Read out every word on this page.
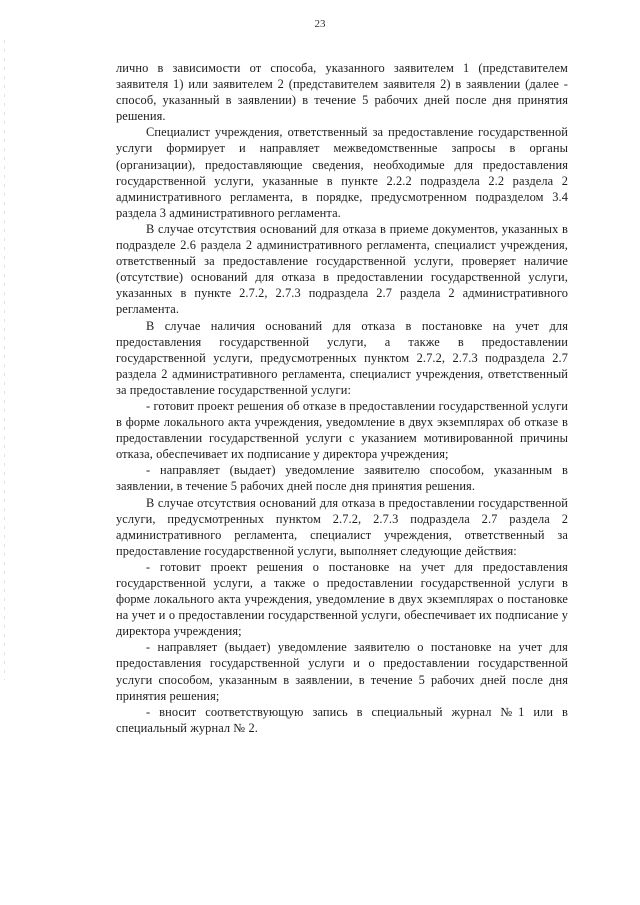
23

лично в зависимости от способа, указанного заявителем 1 (представителем заявителя 1) или заявителем 2 (представителем заявителя 2) в заявлении (далее - способ, указанный в заявлении) в течение 5 рабочих дней после дня принятия решения.

Специалист учреждения, ответственный за предоставление государственной услуги формирует и направляет межведомственные запросы в органы (организации), предоставляющие сведения, необходимые для предоставления государственной услуги, указанные в пункте 2.2.2 подраздела 2.2 раздела 2 административного регламента, в порядке, предусмотренном подразделом 3.4 раздела 3 административного регламента.

В случае отсутствия оснований для отказа в приеме документов, указанных в подразделе 2.6 раздела 2 административного регламента, специалист учреждения, ответственный за предоставление государственной услуги, проверяет наличие (отсутствие) оснований для отказа в предоставлении государственной услуги, указанных в пункте 2.7.2, 2.7.3 подраздела 2.7 раздела 2 административного регламента.

В случае наличия оснований для отказа в постановке на учет для предоставления государственной услуги, а также в предоставлении государственной услуги, предусмотренных пунктом 2.7.2, 2.7.3 подраздела 2.7 раздела 2 административного регламента, специалист учреждения, ответственный за предоставление государственной услуги:

- готовит проект решения об отказе в предоставлении государственной услуги в форме локального акта учреждения, уведомление в двух экземплярах об отказе в предоставлении государственной услуги с указанием мотивированной причины отказа, обеспечивает их подписание у директора учреждения;

- направляет (выдает) уведомление заявителю способом, указанным в заявлении, в течение 5 рабочих дней после дня принятия решения.

В случае отсутствия оснований для отказа в предоставлении государственной услуги, предусмотренных пунктом 2.7.2, 2.7.3 подраздела 2.7 раздела 2 административного регламента, специалист учреждения, ответственный за предоставление государственной услуги, выполняет следующие действия:

- готовит проект решения о постановке на учет для предоставления государственной услуги, а также о предоставлении государственной услуги в форме локального акта учреждения, уведомление в двух экземплярах о постановке на учет и о предоставлении государственной услуги, обеспечивает их подписание у директора учреждения;

- направляет (выдает) уведомление заявителю о постановке на учет для предоставления государственной услуги и о предоставлении государственной услуги способом, указанным в заявлении, в течение 5 рабочих дней после дня принятия решения;

- вносит соответствующую запись в специальный журнал №1 или в специальный журнал № 2.
